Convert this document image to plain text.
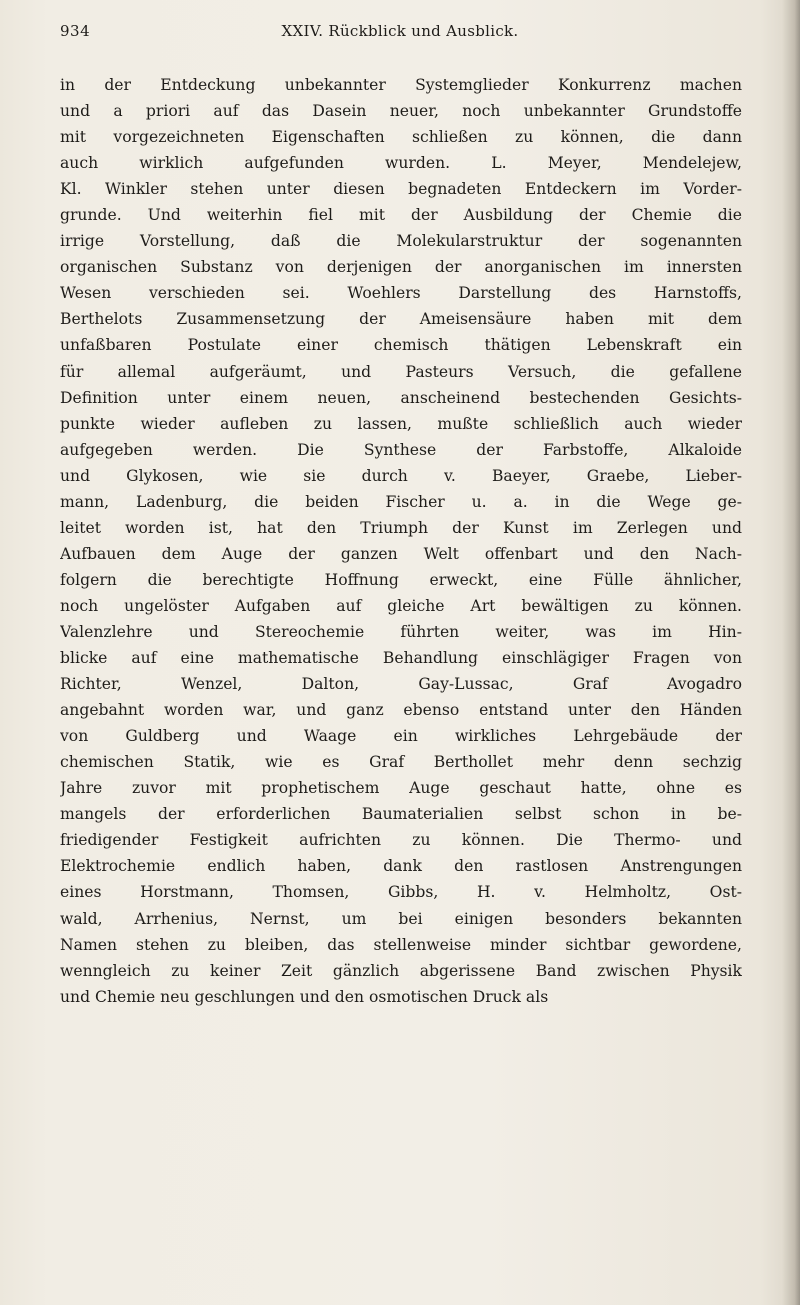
934	XXIV. Rückblick und Ausblick.
in der Entdeckung unbekannter Systemglieder Konkurrenz machen
und a priori auf das Dasein neuer, noch unbekannter Grundstoffe
mit vorgezeichneten Eigenschaften schließen zu können, die dann
auch wirklich aufgefunden wurden. L. Meyer, Mendelejew,
Kl. Winkler stehen unter diesen begnadeten Entdeckern im Vorder-
grunde. Und weiterhin fiel mit der Ausbildung der Chemie die
irrige Vorstellung, daß die Molekularstruktur der sogenannten
organischen Substanz von derjenigen der anorganischen im innersten
Wesen verschieden sei. Woehlers Darstellung des Harnstoffs,
Berthelots Zusammensetzung der Ameisensäure haben mit dem
unfaßbaren Postulate einer chemisch thätigen Lebenskraft ein
für allemal aufgeräumt, und Pasteurs Versuch, die gefallene
Definition unter einem neuen, anscheinend bestechenden Gesichts-
punkte wieder aufleben zu lassen, mußte schließlich auch wieder
aufgegeben werden. Die Synthese der Farbstoffe, Alkaloide
und Glykosen, wie sie durch v. Baeyer, Graebe, Lieber-
mann, Ladenburg, die beiden Fischer u. a. in die Wege ge-
leitet worden ist, hat den Triumph der Kunst im Zerlegen und
Aufbauen dem Auge der ganzen Welt offenbart und den Nach-
folgern die berechtigte Hoffnung erweckt, eine Fülle ähnlicher,
noch ungelöster Aufgaben auf gleiche Art bewältigen zu können.
Valenzlehre und Stereochemie führten weiter, was im Hin-
blicke auf eine mathematische Behandlung einschlägiger Fragen von
Richter, Wenzel, Dalton, Gay-Lussac, Graf Avogadro
angebahnt worden war, und ganz ebenso entstand unter den Händen
von Guldberg und Waage ein wirkliches Lehrgebäude der
chemischen Statik, wie es Graf Berthollet mehr denn sechzig
Jahre zuvor mit prophetischem Auge geschaut hatte, ohne es
mangels der erforderlichen Baumaterialien selbst schon in be-
friedigender Festigkeit aufrichten zu können. Die Thermo- und
Elektrochemie endlich haben, dank den rastlosen Anstrengungen
eines Horstmann, Thomsen, Gibbs, H. v. Helmholtz, Ost-
wald, Arrhenius, Nernst, um bei einigen besonders bekannten
Namen stehen zu bleiben, das stellenweise minder sichtbar gewordene,
wenngleich zu keiner Zeit gänzlich abgerissene Band zwischen Physik
und Chemie neu geschlungen und den osmotischen Druck als
